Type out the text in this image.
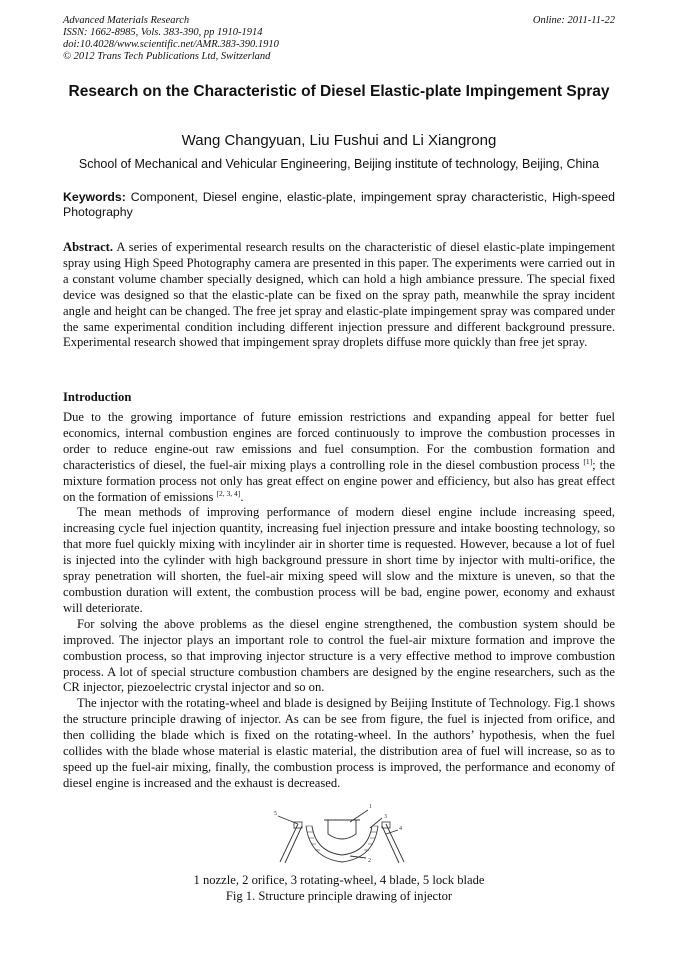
Advanced Materials Research
ISSN: 1662-8985, Vols. 383-390, pp 1910-1914
doi:10.4028/www.scientific.net/AMR.383-390.1910
© 2012 Trans Tech Publications Ltd, Switzerland
Online: 2011-11-22
Research on the Characteristic of Diesel Elastic-plate Impingement Spray
Wang Changyuan, Liu Fushui and Li Xiangrong
School of Mechanical and Vehicular Engineering, Beijing institute of technology, Beijing, China
Keywords: Component, Diesel engine, elastic-plate, impingement spray characteristic, High-speed Photography
Abstract. A series of experimental research results on the characteristic of diesel elastic-plate impingement spray using High Speed Photography camera are presented in this paper. The experiments were carried out in a constant volume chamber specially designed, which can hold a high ambiance pressure. The special fixed device was designed so that the elastic-plate can be fixed on the spray path, meanwhile the spray incident angle and height can be changed. The free jet spray and elastic-plate impingement spray was compared under the same experimental condition including different injection pressure and different background pressure. Experimental research showed that impingement spray droplets diffuse more quickly than free jet spray.
Introduction

Due to the growing importance of future emission restrictions and expanding appeal for better fuel economics, internal combustion engines are forced continuously to improve the combustion processes in order to reduce engine-out raw emissions and fuel consumption. For the combustion formation and characteristics of diesel, the fuel-air mixing plays a controlling role in the diesel combustion process [1]; the mixture formation process not only has great effect on engine power and efficiency, but also has great effect on the formation of emissions [2, 3, 4].

The mean methods of improving performance of modern diesel engine include increasing speed, increasing cycle fuel injection quantity, increasing fuel injection pressure and intake boosting technology, so that more fuel quickly mixing with incylinder air in shorter time is requested. However, because a lot of fuel is injected into the cylinder with high background pressure in short time by injector with multi-orifice, the spray penetration will shorten, the fuel-air mixing speed will slow and the mixture is uneven, so that the combustion duration will extent, the combustion process will be bad, engine power, economy and exhaust will deteriorate.

For solving the above problems as the diesel engine strengthened, the combustion system should be improved. The injector plays an important role to control the fuel-air mixture formation and improve the combustion process, so that improving injector structure is a very effective method to improve combustion process. A lot of special structure combustion chambers are designed by the engine researchers, such as the CR injector, piezoelectric crystal injector and so on.

The injector with the rotating-wheel and blade is designed by Beijing Institute of Technology. Fig.1 shows the structure principle drawing of injector. As can be see from figure, the fuel is injected from orifice, and then colliding the blade which is fixed on the rotating-wheel. In the authors’ hypothesis, when the fuel collides with the blade whose material is elastic material, the distribution area of fuel will increase, so as to speed up the fuel-air mixing, finally, the combustion process is improved, the performance and economy of diesel engine is increased and the exhaust is decreased.

1
2
3
4
5
1 nozzle, 2 orifice, 3 rotating-wheel, 4 blade, 5 lock blade
Fig 1. Structure principle drawing of injector
